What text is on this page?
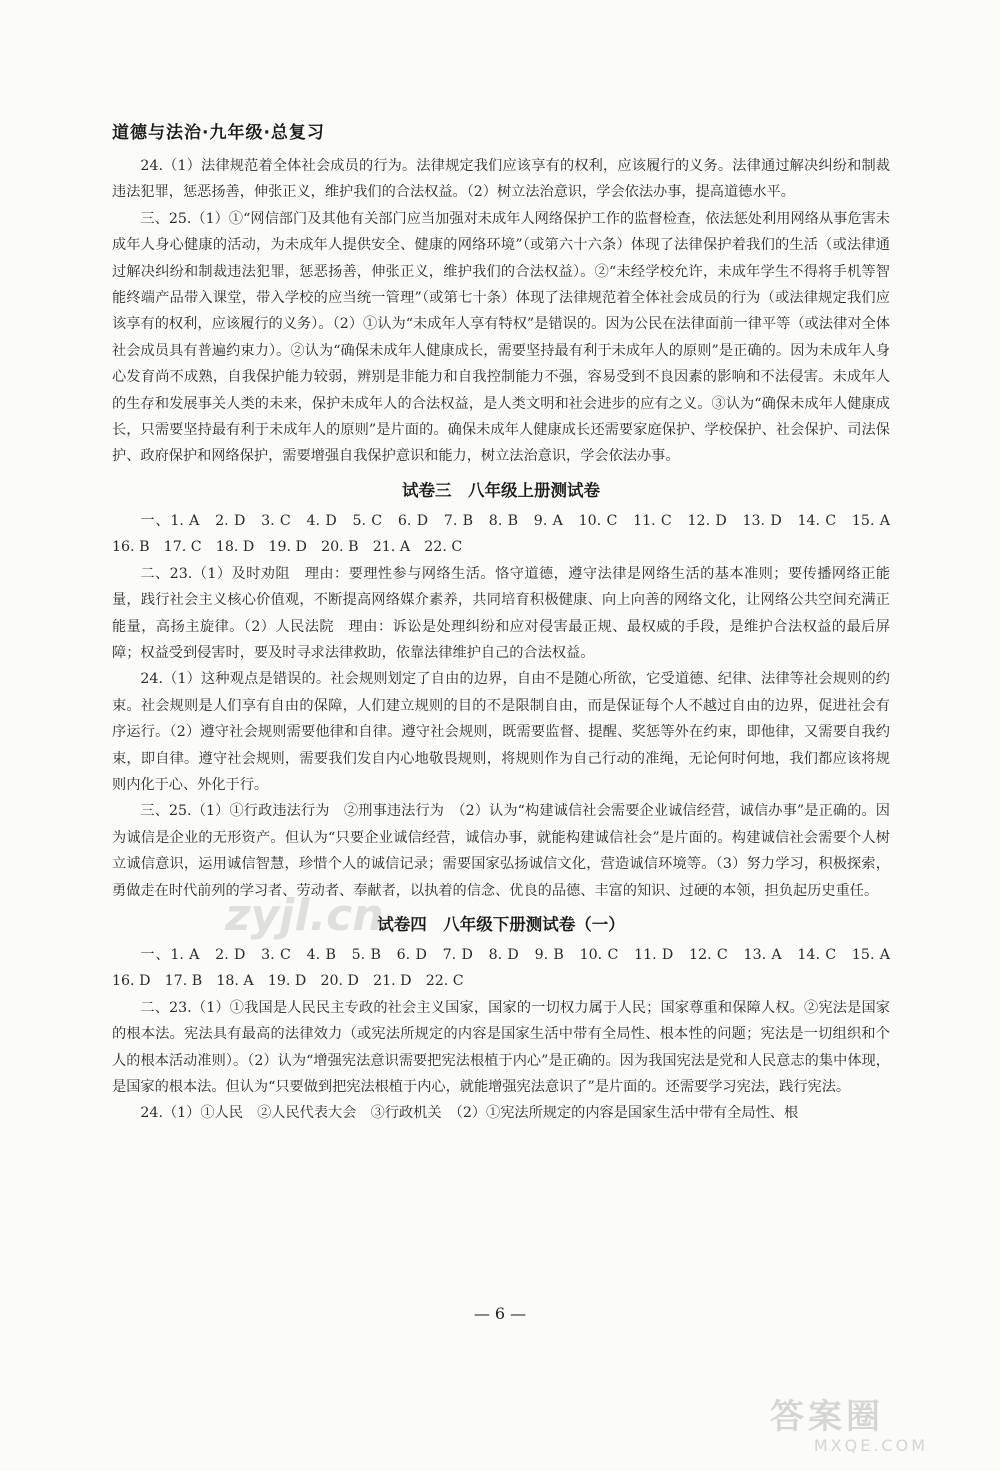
道德与法治·九年级·总复习

24.（1）法律规范着全体社会成员的行为。法律规定我们应该享有的权利，应该履行的义务。法律通过解决纠纷和制裁违法犯罪，惩恶扬善，伸张正义，维护我们的合法权益。（2）树立法治意识，学会依法办事，提高道德水平。

三、25.（1）①“网信部门及其他有关部门应当加强对未成年人网络保护工作的监督检查，依法惩处利用网络从事危害未成年人身心健康的活动，为未成年人提供安全、健康的网络环境”（或第六十六条）体现了法律保护着我们的生活（或法律通过解决纠纷和制裁违法犯罪，惩恶扬善，伸张正义，维护我们的合法权益）。②“未经学校允许，未成年学生不得将手机等智能终端产品带入课堂，带入学校的应当统一管理”（或第七十条）体现了法律规范着全体社会成员的行为（或法律规定我们应该享有的权利，应该履行的义务）。（2）①认为“未成年人享有特权”是错误的。因为公民在法律面前一律平等（或法律对全体社会成员具有普遍约束力）。②认为“确保未成年人健康成长，需要坚持最有利于未成年人的原则”是正确的。因为未成年人身心发育尚不成熟，自我保护能力较弱，辨别是非能力和自我控制能力不强，容易受到不良因素的影响和不法侵害。未成年人的生存和发展事关人类的未来，保护未成年人的合法权益，是人类文明和社会进步的应有之义。③认为“确保未成年人健康成长，只需要坚持最有利于未成年人的原则”是片面的。确保未成年人健康成长还需要家庭保护、学校保护、社会保护、司法保护、政府保护和网络保护，需要增强自我保护意识和能力，树立法治意识，学会依法办事。

试卷三　八年级上册测试卷

一、1. A　2. D　3. C　4. D　5. C　6. D　7. B　8. B　9. A　10. C　11. C　12. D　13. D　14. C　15. A　16. B　17. C　18. D　19. D　20. B　21. A　22. C

二、23.（1）及时劝阻　理由：要理性参与网络生活。恪守道德，遵守法律是网络生活的基本准则；要传播网络正能量，践行社会主义核心价值观，不断提高网络媒介素养，共同培育积极健康、向上向善的网络文化，让网络公共空间充满正能量，高扬主旋律。（2）人民法院　理由：诉讼是处理纠纷和应对侵害最正规、最权威的手段，是维护合法权益的最后屏障；权益受到侵害时，要及时寻求法律救助，依靠法律维护自己的合法权益。

24.（1）这种观点是错误的。社会规则划定了自由的边界，自由不是随心所欲，它受道德、纪律、法律等社会规则的约束。社会规则是人们享有自由的保障，人们建立规则的目的不是限制自由，而是保证每个人不越过自由的边界，促进社会有序运行。（2）遵守社会规则需要他律和自律。遵守社会规则，既需要监督、提醒、奖惩等外在约束，即他律，又需要自我约束，即自律。遵守社会规则，需要我们发自内心地敬畏规则，将规则作为自己行动的准绳，无论何时何地，我们都应该将规则内化于心、外化于行。

三、25.（1）①行政违法行为　②刑事违法行为　（2）认为“构建诚信社会需要企业诚信经营，诚信办事”是正确的。因为诚信是企业的无形资产。但认为“只要企业诚信经营，诚信办事，就能构建诚信社会”是片面的。构建诚信社会需要个人树立诚信意识，运用诚信智慧，珍惜个人的诚信记录；需要国家弘扬诚信文化，营造诚信环境等。（3）努力学习，积极探索，勇做走在时代前列的学习者、劳动者、奉献者，以执着的信念、优良的品德、丰富的知识、过硬的本领，担负起历史重任。

试卷四　八年级下册测试卷（一）

一、1. A　2. D　3. C　4. B　5. B　6. D　7. D　8. D　9. B　10. C　11. D　12. C　13. A　14. C　15. A　16. D　17. B　18. A　19. D　20. D　21. D　22. C

二、23.（1）①我国是人民民主专政的社会主义国家，国家的一切权力属于人民；国家尊重和保障人权。②宪法是国家的根本法。宪法具有最高的法律效力（或宪法所规定的内容是国家生活中带有全局性、根本性的问题；宪法是一切组织和个人的根本活动准则）。（2）认为“增强宪法意识需要把宪法根植于内心”是正确的。因为我国宪法是党和人民意志的集中体现，是国家的根本法。但认为“只要做到把宪法根植于内心，就能增强宪法意识了”是片面的。还需要学习宪法，践行宪法。

24.（1）①人民　②人民代表大会　③行政机关　（2）①宪法所规定的内容是国家生活中带有全局性、根

zyjl.cn
— 6 —
答案圈
MXQE.COM
